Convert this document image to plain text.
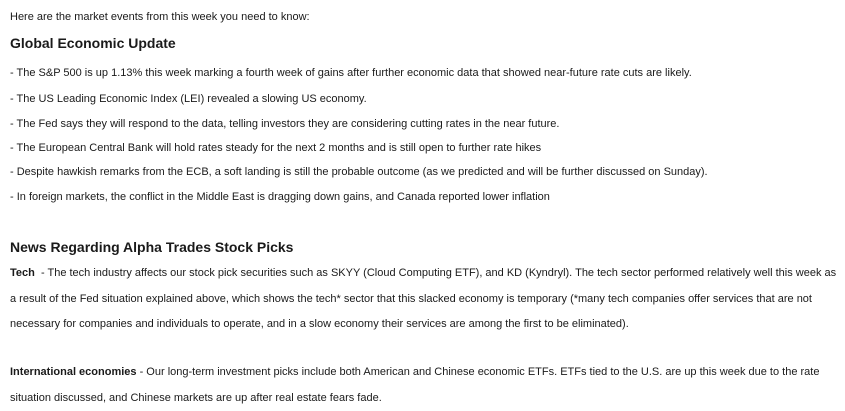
Here are the market events from this week you need to know:
Global Economic Update
- The S&P 500 is up 1.13% this week marking a fourth week of gains after further economic data that showed near-future rate cuts are likely.
- The US Leading Economic Index (LEI) revealed a slowing US economy.
- The Fed says they will respond to the data, telling investors they are considering cutting rates in the near future.
- The European Central Bank will hold rates steady for the next 2 months and is still open to further rate hikes
- Despite hawkish remarks from the ECB, a soft landing is still the probable outcome (as we predicted and will be further discussed on Sunday).
- In foreign markets, the conflict in the Middle East is dragging down gains, and Canada reported lower inflation
News Regarding Alpha Trades Stock Picks
Tech  - The tech industry affects our stock pick securities such as SKYY (Cloud Computing ETF), and KD (Kyndryl). The tech sector performed relatively well this week as a result of the Fed situation explained above, which shows the tech* sector that this slacked economy is temporary (*many tech companies offer services that are not necessary for companies and individuals to operate, and in a slow economy their services are among the first to be eliminated).
International economies - Our long-term investment picks include both American and Chinese economic ETFs. ETFs tied to the U.S. are up this week due to the rate situation discussed, and Chinese markets are up after real estate fears fade.
